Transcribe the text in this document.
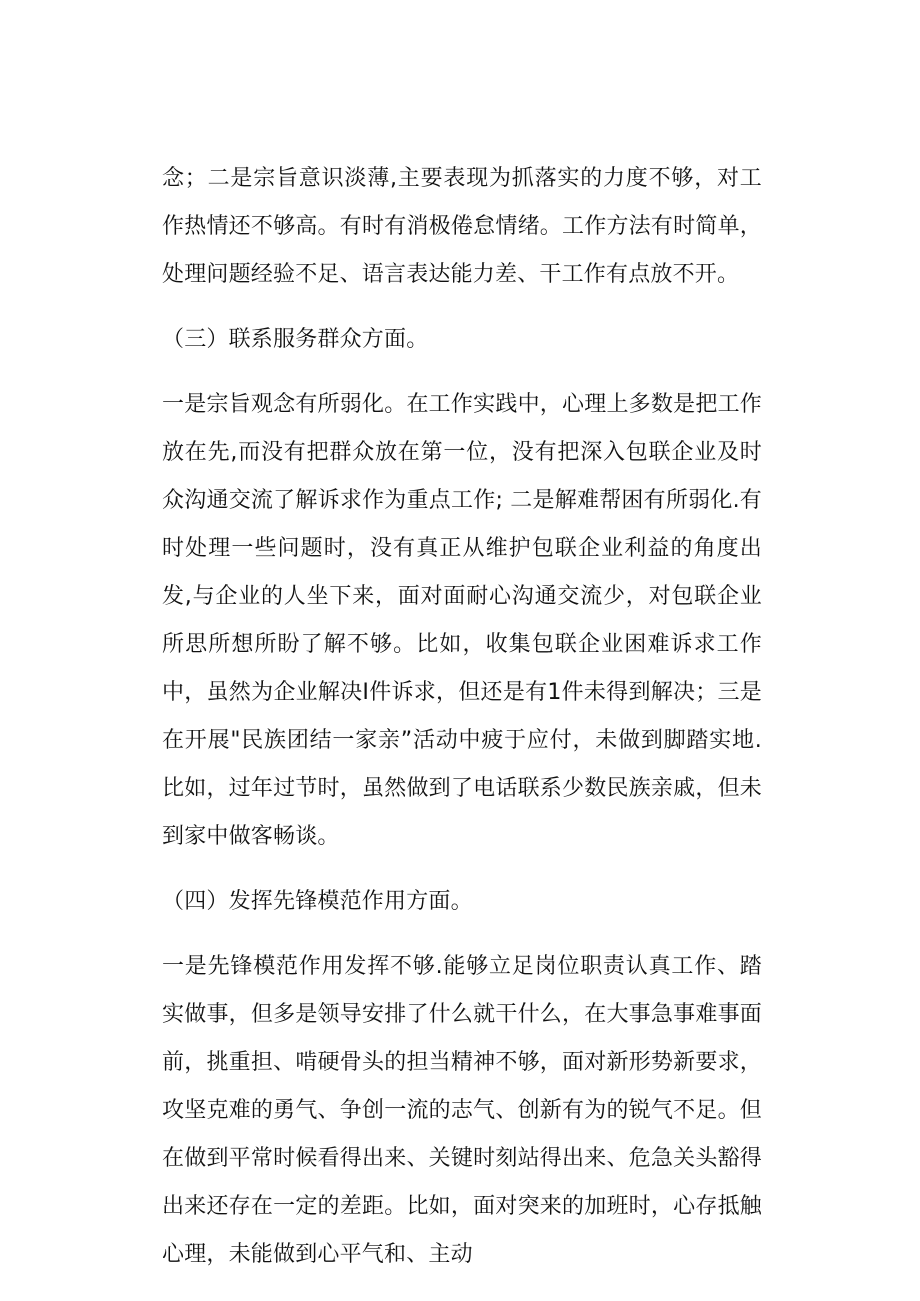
念；二是宗旨意识淡薄,主要表现为抓落实的力度不够，对工作热情还不够高。有时有消极倦怠情绪。工作方法有时简单，处理问题经验不足、语言表达能力差、干工作有点放不开。

（三）联系服务群众方面。

一是宗旨观念有所弱化。在工作实践中，心理上多数是把工作放在先,而没有把群众放在第一位，没有把深入包联企业及时众沟通交流了解诉求作为重点工作; 二是解难帮困有所弱化.有时处理一些问题时，没有真正从维护包联企业利益的角度出发,与企业的人坐下来，面对面耐心沟通交流少，对包联企业所思所想所盼了解不够。比如，收集包联企业困难诉求工作中，虽然为企业解决I件诉求，但还是有1件未得到解决；三是在开展"民族团结一家亲”活动中疲于应付，未做到脚踏实地.比如，过年过节时，虽然做到了电话联系少数民族亲戚，但未到家中做客畅谈。

（四）发挥先锋模范作用方面。

一是先锋模范作用发挥不够.能够立足岗位职责认真工作、踏实做事，但多是领导安排了什么就干什么，在大事急事难事面前，挑重担、啃硬骨头的担当精神不够，面对新形势新要求，攻坚克难的勇气、争创一流的志气、创新有为的锐气不足。但在做到平常时候看得出来、关键时刻站得出来、危急关头豁得出来还存在一定的差距。比如，面对突来的加班时，心存抵触心理，未能做到心平气和、主动
